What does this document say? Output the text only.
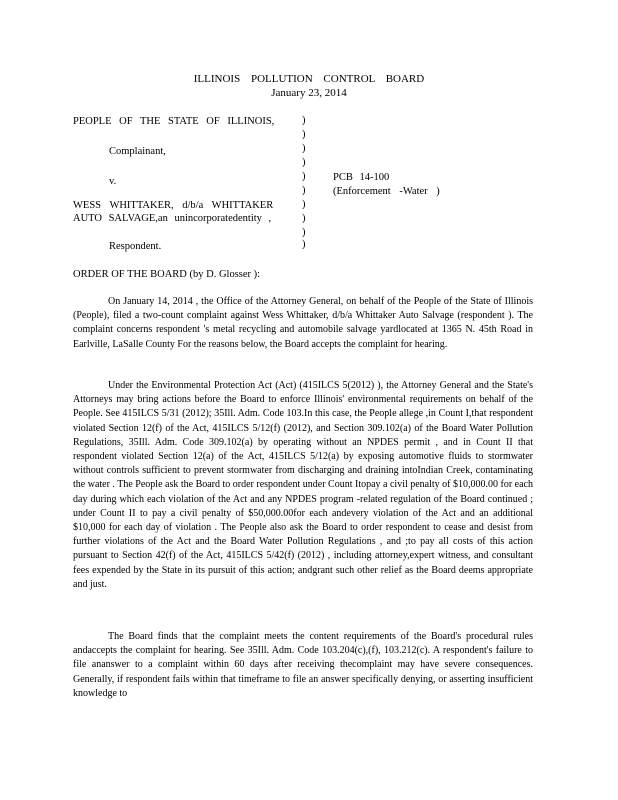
ILLINOIS POLLUTION CONTROL BOARD
January 23, 2014
PEOPLE OF THE STATE OF ILLINOIS,
Complainant,
v.
WESS WHITTAKER, d/b/a WHITTAKER
AUTO SALVAGE,an unincorporatedentity ,
Respondent.
PCB 14-100
(Enforcement -Water )
)
)
)
)
)
)
)
)
)
)
ORDER OF THE BOARD (by D. Glosser ):
On January 14, 2014 , the Office of the Attorney General, on behalf of the People of the State of Illinois (People), filed a two-count complaint against Wess Whittaker, d/b/a Whittaker Auto Salvage (respondent ). The complaint concerns respondent 's metal recycling and automobile salvage yardlocated at 1365 N. 45th Road in Earlville, LaSalle County For the reasons below, the Board accepts the complaint for hearing.
Under the Environmental Protection Act (Act) (415ILCS 5(2012) ), the Attorney General and the State's Attorneys may bring actions before the Board to enforce Illinois' environmental requirements on behalf of the People. See 415ILCS 5/31 (2012); 35Ill. Adm. Code 103.In this case, the People allege ,in Count I,that respondent violated Section 12(f) of the Act, 415ILCS 5/12(f) (2012), and Section 309.102(a) of the Board Water Pollution Regulations, 35Ill. Adm. Code 309.102(a) by operating without an NPDES permit , and in Count II that respondent violated Section 12(a) of the Act, 415ILCS 5/12(a) by exposing automotive fluids to stormwater without controls sufficient to prevent stormwater from discharging and draining intoIndian Creek, contaminating the water . The People ask the Board to order respondent under Count Itopay a civil penalty of $10,000.00 for each day during which each violation of the Act and any NPDES program -related regulation of the Board continued ; under Count II to pay a civil penalty of $50,000.00for each andevery violation of the Act and an additional $10,000 for each day of violation . The People also ask the Board to order respondent to cease and desist from further violations of the Act and the Board Water Pollution Regulations , and ;to pay all costs of this action pursuant to Section 42(f) of the Act, 415ILCS 5/42(f) (2012) , including attorney,expert witness, and consultant fees expended by the State in its pursuit of this action; andgrant such other relief as the Board deems appropriate and just.
The Board finds that the complaint meets the content requirements of the Board's procedural rules andaccepts the complaint for hearing. See 35Ill. Adm. Code 103.204(c),(f), 103.212(c). A respondent's failure to file ananswer to a complaint within 60 days after receiving thecomplaint may have severe consequences. Generally, if respondent fails within that timeframe to file an answer specifically denying, or asserting insufficient knowledge to
